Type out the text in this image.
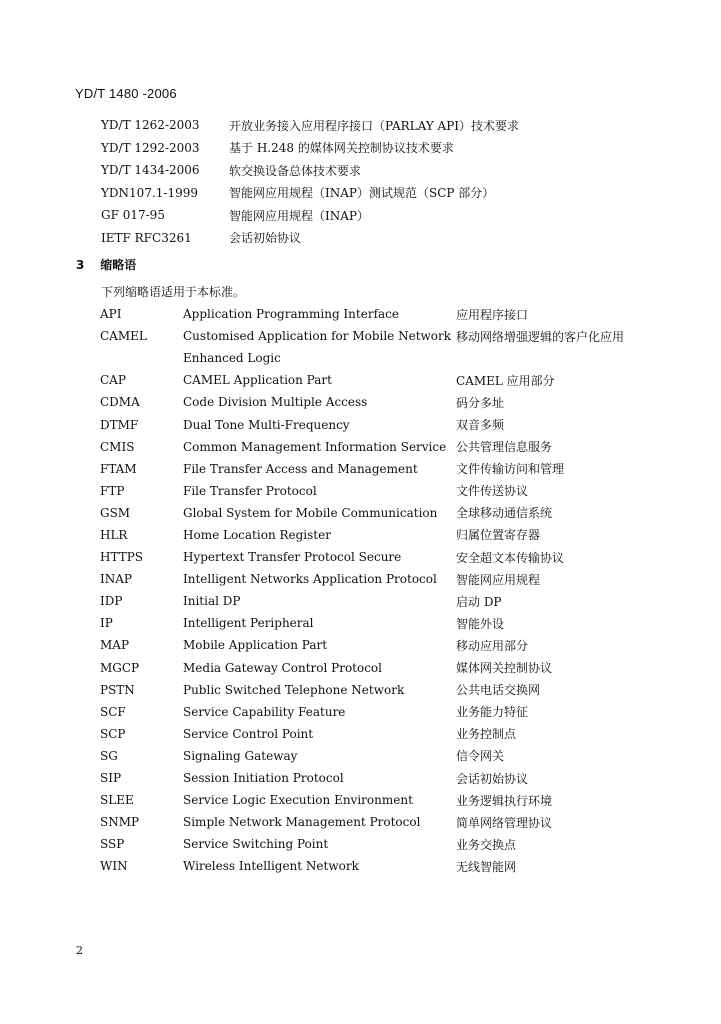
YD/T 1480 -2006
YD/T 1262-2003	开放业务接入应用程序接口（PARLAY API）技术要求
YD/T 1292-2003	基于 H.248 的媒体网关控制协议技术要求
YD/T 1434-2006	软交换设备总体技术要求
YDN107.1-1999	智能网应用规程（INAP）测试规范（SCP 部分）
GF 017-95	智能网应用规程（INAP）
IETF RFC3261	会话初始协议
3 缩略语
下列缩略语适用于本标准。
API	Application Programming Interface	应用程序接口
CAMEL	Customised Application for Mobile Network 移动网络增强逻辑的客户化应用
Enhanced Logic
CAP	CAMEL Application Part	CAMEL 应用部分
CDMA	Code Division Multiple Access	码分多址
DTMF	Dual Tone Multi-Frequency	双音多频
CMIS	Common Management Information Service 公共管理信息服务
FTAM	File Transfer Access and Management	文件传输访问和管理
FTP	File Transfer Protocol	文件传送协议
GSM	Global System for Mobile Communication	全球移动通信系统
HLR	Home Location Register	归属位置寄存器
HTTPS	Hypertext Transfer Protocol Secure	安全超文本传输协议
INAP	Intelligent Networks Application Protocol	智能网应用规程
IDP	Initial DP	启动 DP
IP	Intelligent Peripheral	智能外设
MAP	Mobile Application Part	移动应用部分
MGCP	Media Gateway Control Protocol	媒体网关控制协议
PSTN	Public Switched Telephone Network	公共电话交换网
SCF	Service Capability Feature	业务能力特征
SCP	Service Control Point	业务控制点
SG	Signaling Gateway	信令网关
SIP	Session Initiation Protocol	会话初始协议
SLEE	Service Logic Execution Environment	业务逻辑执行环境
SNMP	Simple Network Management Protocol	简单网络管理协议
SSP	Service Switching Point	业务交换点
WIN	Wireless Intelligent Network	无线智能网
2
